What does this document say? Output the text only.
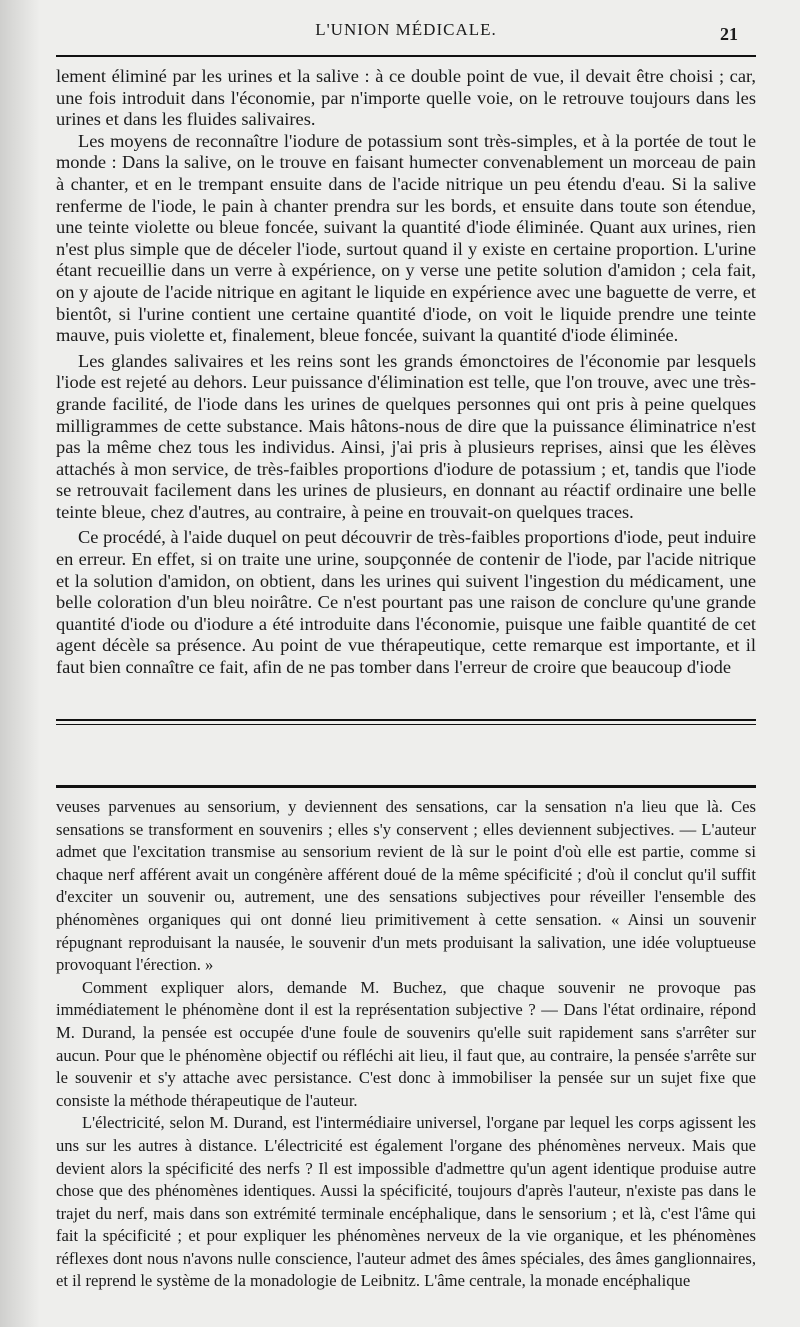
L'UNION MÉDICALE.	21

lement éliminé par les urines et la salive : à ce double point de vue, il devait être choisi ; car, une fois introduit dans l'économie, par n'importe quelle voie, on le retrouve toujours dans les urines et dans les fluides salivaires.

Les moyens de reconnaître l'iodure de potassium sont très-simples, et à la portée de tout le monde : Dans la salive, on le trouve en faisant humecter convenablement un morceau de pain à chanter, et en le trempant ensuite dans de l'acide nitrique un peu étendu d'eau. Si la salive renferme de l'iode, le pain à chanter prendra sur les bords, et ensuite dans toute son étendue, une teinte violette ou bleue foncée, suivant la quantité d'iode éliminée. Quant aux urines, rien n'est plus simple que de déceler l'iode, surtout quand il y existe en certaine proportion. L'urine étant recueillie dans un verre à expérience, on y verse une petite solution d'amidon ; cela fait, on y ajoute de l'acide nitrique en agitant le liquide en expérience avec une baguette de verre, et bientôt, si l'urine contient une certaine quantité d'iode, on voit le liquide prendre une teinte mauve, puis violette et, finalement, bleue foncée, suivant la quantité d'iode éliminée.

Les glandes salivaires et les reins sont les grands émonctoires de l'économie par lesquels l'iode est rejeté au dehors. Leur puissance d'élimination est telle, que l'on trouve, avec une très-grande facilité, de l'iode dans les urines de quelques personnes qui ont pris à peine quelques milligrammes de cette substance. Mais hâtons-nous de dire que la puissance éliminatrice n'est pas la même chez tous les individus. Ainsi, j'ai pris à plusieurs reprises, ainsi que les élèves attachés à mon service, de très-faibles proportions d'iodure de potassium ; et, tandis que l'iode se retrouvait facilement dans les urines de plusieurs, en donnant au réactif ordinaire une belle teinte bleue, chez d'autres, au contraire, à peine en trouvait-on quelques traces.

Ce procédé, à l'aide duquel on peut découvrir de très-faibles proportions d'iode, peut induire en erreur. En effet, si on traite une urine, soupçonnée de contenir de l'iode, par l'acide nitrique et la solution d'amidon, on obtient, dans les urines qui suivent l'ingestion du médicament, une belle coloration d'un bleu noirâtre. Ce n'est pourtant pas une raison de conclure qu'une grande quantité d'iode ou d'iodure a été introduite dans l'économie, puisque une faible quantité de cet agent décèle sa présence. Au point de vue thérapeutique, cette remarque est importante, et il faut bien connaître ce fait, afin de ne pas tomber dans l'erreur de croire que beaucoup d'iode

veuses parvenues au sensorium, y deviennent des sensations, car la sensation n'a lieu que là. Ces sensations se transforment en souvenirs ; elles s'y conservent ; elles deviennent subjectives. — L'auteur admet que l'excitation transmise au sensorium revient de là sur le point d'où elle est partie, comme si chaque nerf afférent avait un congénère afférent doué de la même spécificité ; d'où il conclut qu'il suffit d'exciter un souvenir ou, autrement, une des sensations subjectives pour réveiller l'ensemble des phénomènes organiques qui ont donné lieu primitivement à cette sensation. « Ainsi un souvenir répugnant reproduisant la nausée, le souvenir d'un mets produisant la salivation, une idée voluptueuse provoquant l'érection. »

Comment expliquer alors, demande M. Buchez, que chaque souvenir ne provoque pas immédiatement le phénomène dont il est la représentation subjective ? — Dans l'état ordinaire, répond M. Durand, la pensée est occupée d'une foule de souvenirs qu'elle suit rapidement sans s'arrêter sur aucun. Pour que le phénomène objectif ou réfléchi ait lieu, il faut que, au contraire, la pensée s'arrête sur le souvenir et s'y attache avec persistance. C'est donc à immobiliser la pensée sur un sujet fixe que consiste la méthode thérapeutique de l'auteur.

L'électricité, selon M. Durand, est l'intermédiaire universel, l'organe par lequel les corps agissent les uns sur les autres à distance. L'électricité est également l'organe des phénomènes nerveux. Mais que devient alors la spécificité des nerfs ? Il est impossible d'admettre qu'un agent identique produise autre chose que des phénomènes identiques. Aussi la spécificité, toujours d'après l'auteur, n'existe pas dans le trajet du nerf, mais dans son extrémité terminale encéphalique, dans le sensorium ; et là, c'est l'âme qui fait la spécificité ; et pour expliquer les phénomènes nerveux de la vie organique, et les phénomènes réflexes dont nous n'avons nulle conscience, l'auteur admet des âmes spéciales, des âmes ganglionnaires, et il reprend le système de la monadologie de Leibnitz. L'âme centrale, la monade encéphalique
